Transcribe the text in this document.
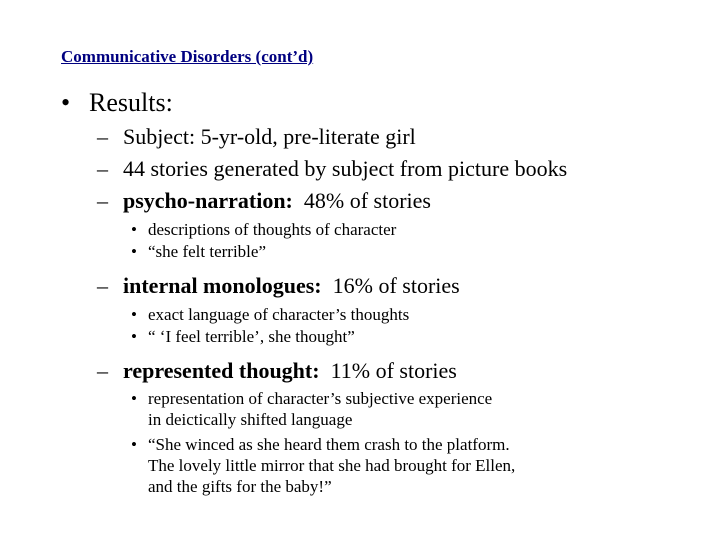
Communicative Disorders (cont’d)
• Results:
– Subject: 5-yr-old, pre-literate girl
– 44 stories generated by subject from picture books
– psycho-narration:  48% of stories
• descriptions of thoughts of character
• “she felt terrible”
– internal monologues:  16% of stories
• exact language of character’s thoughts
• “ ‘I feel terrible’, she thought”
– represented thought:  11% of stories
• representation of character’s subjective experience
in deictically shifted language
• “She winced as she heard them crash to the platform.
The lovely little mirror that she had brought for Ellen,
and the gifts for the baby!”
